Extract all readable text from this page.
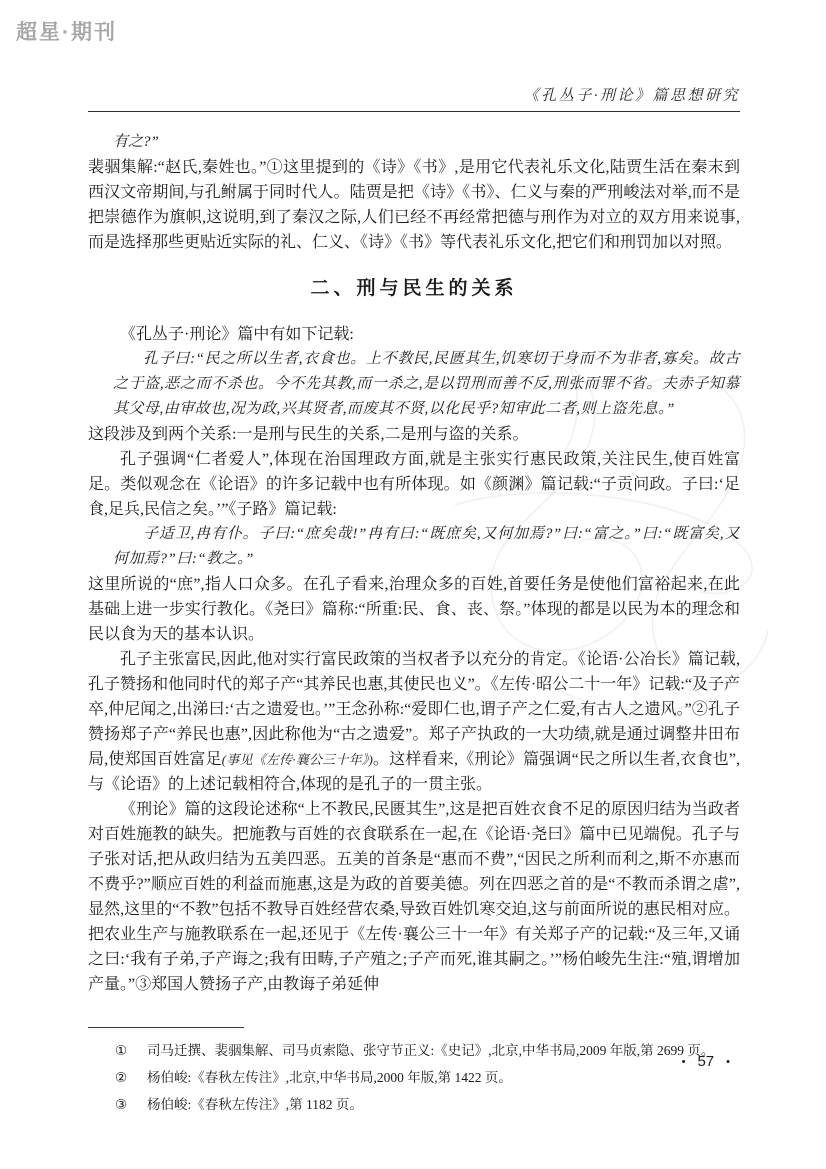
超星·期刊
《孔丛子·刑论》篇思想研究

有之?”

裴骃集解:“赵氏,秦姓也。”①这里提到的《诗》《书》,是用它代表礼乐文化,陆贾生活在秦末到西汉文帝期间,与孔鲋属于同时代人。陆贾是把《诗》《书》、仁义与秦的严刑峻法对举,而不是把崇德作为旗帜,这说明,到了秦汉之际,人们已经不再经常把德与刑作为对立的双方用来说事,而是选择那些更贴近实际的礼、仁义、《诗》《书》等代表礼乐文化,把它们和刑罚加以对照。

二、刑与民生的关系

《孔丛子·刑论》篇中有如下记载:

孔子曰:“民之所以生者,衣食也。上不教民,民匮其生,饥寒切于身而不为非者,寡矣。故古之于盗,恶之而不杀也。今不先其教,而一杀之,是以罚刑而善不反,刑张而罪不省。夫赤子知慕其父母,由审故也,况为政,兴其贤者,而废其不贤,以化民乎?知审此二者,则上盗先息。”

这段涉及到两个关系:一是刑与民生的关系,二是刑与盗的关系。

孔子强调“仁者爱人”,体现在治国理政方面,就是主张实行惠民政策,关注民生,使百姓富足。类似观念在《论语》的许多记载中也有所体现。如《颜渊》篇记载:“子贡问政。子曰:‘足食,足兵,民信之矣。’”《子路》篇记载:

子适卫,冉有仆。子曰:“庶矣哉!”冉有曰:“既庶矣,又何加焉?”曰:“富之。”曰:“既富矣,又何加焉?”曰:“教之。”

这里所说的“庶”,指人口众多。在孔子看来,治理众多的百姓,首要任务是使他们富裕起来,在此基础上进一步实行教化。《尧曰》篇称:“所重:民、食、丧、祭。”体现的都是以民为本的理念和民以食为天的基本认识。

孔子主张富民,因此,他对实行富民政策的当权者予以充分的肯定。《论语·公冶长》篇记载,孔子赞扬和他同时代的郑子产“其养民也惠,其使民也义”。《左传·昭公二十一年》记载:“及子产卒,仲尼闻之,出涕曰:‘古之遗爱也。’”王念孙称:“爱即仁也,谓子产之仁爱,有古人之遗风。”②孔子赞扬郑子产“养民也惠”,因此称他为“古之遗爱”。郑子产执政的一大功绩,就是通过调整井田布局,使郑国百姓富足(事见《左传·襄公三十年》)。这样看来,《刑论》篇强调“民之所以生者,衣食也”,与《论语》的上述记载相符合,体现的是孔子的一贯主张。

《刑论》篇的这段论述称“上不教民,民匮其生”,这是把百姓衣食不足的原因归结为当政者对百姓施教的缺失。把施教与百姓的衣食联系在一起,在《论语·尧曰》篇中已见端倪。孔子与子张对话,把从政归结为五美四恶。五美的首条是“惠而不费”,“因民之所利而利之,斯不亦惠而不费乎?”顺应百姓的利益而施惠,这是为政的首要美德。列在四恶之首的是“不教而杀谓之虐”,显然,这里的“不教”包括不教导百姓经营农桑,导致百姓饥寒交迫,这与前面所说的惠民相对应。把农业生产与施教联系在一起,还见于《左传·襄公三十一年》有关郑子产的记载:“及三年,又诵之曰:‘我有子弟,子产诲之;我有田畴,子产殖之;子产而死,谁其嗣之。’”杨伯峻先生注:“殖,谓增加产量。”③郑国人赞扬子产,由教诲子弟延伸

①	司马迁撰、裴骃集解、司马贞索隐、张守节正义:《史记》,北京,中华书局,2009 年版,第 2699 页。
②	杨伯峻:《春秋左传注》,北京,中华书局,2000 年版,第 1422 页。
③	杨伯峻:《春秋左传注》,第 1182 页。
• 57 •
